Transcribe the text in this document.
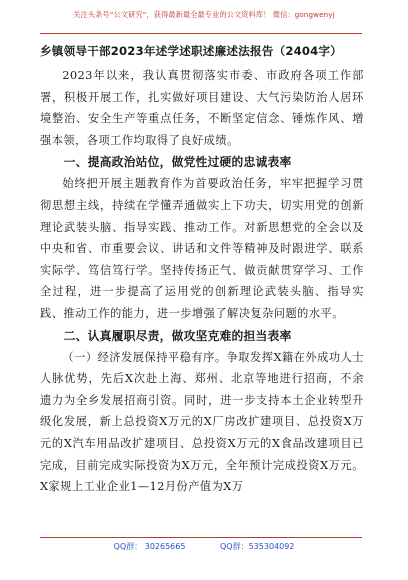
关注头条号“公文研究”，获得最新最全最专业的公文资料库！ 微信：gongwenyj
乡镇领导干部2023年述学述职述廉述法报告（2404字）

2023年以来，我认真贯彻落实市委、市政府各项工作部署，积极开展工作，扎实做好项目建设、大气污染防治人居环境整治、安全生产等重点任务，不断坚定信念、锤炼作风、增强本领，各项工作均取得了良好成绩。

一、提高政治站位，做党性过硬的忠诚表率

始终把开展主题教育作为首要政治任务，牢牢把握学习贯彻思想主线，持续在学懂弄通做实上下功夫，切实用党的创新理论武装头脑、指导实践、推动工作。对新思想党的全会以及中央和省、市重要会议、讲话和文件等精神及时跟进学、联系实际学、笃信笃行学。坚持传扬正气、做贡献贯穿学习、工作全过程，进一步提高了运用党的创新理论武装头脑、指导实践、推动工作的能力，进一步增强了解决复杂问题的水平。

二、认真履职尽责，做攻坚克难的担当表率

（一）经济发展保持平稳有序。争取发挥X籍在外成功人士人脉优势，先后X次赴上海、郑州、北京等地进行招商，不余遗力为全乡发展招商引资。同时，进一步支持本土企业转型升级化发展，新上总投资X万元的X厂房改扩建项目、总投资X万元的X汽车用品改扩建项目、总投资X万元的X食品改建项目已完成，目前完成实际投资为X万元，全年预计完成投资X万元。X家规上工业企业1—12月份产值为X万

QQ群： 30265665	QQ群：535304092
